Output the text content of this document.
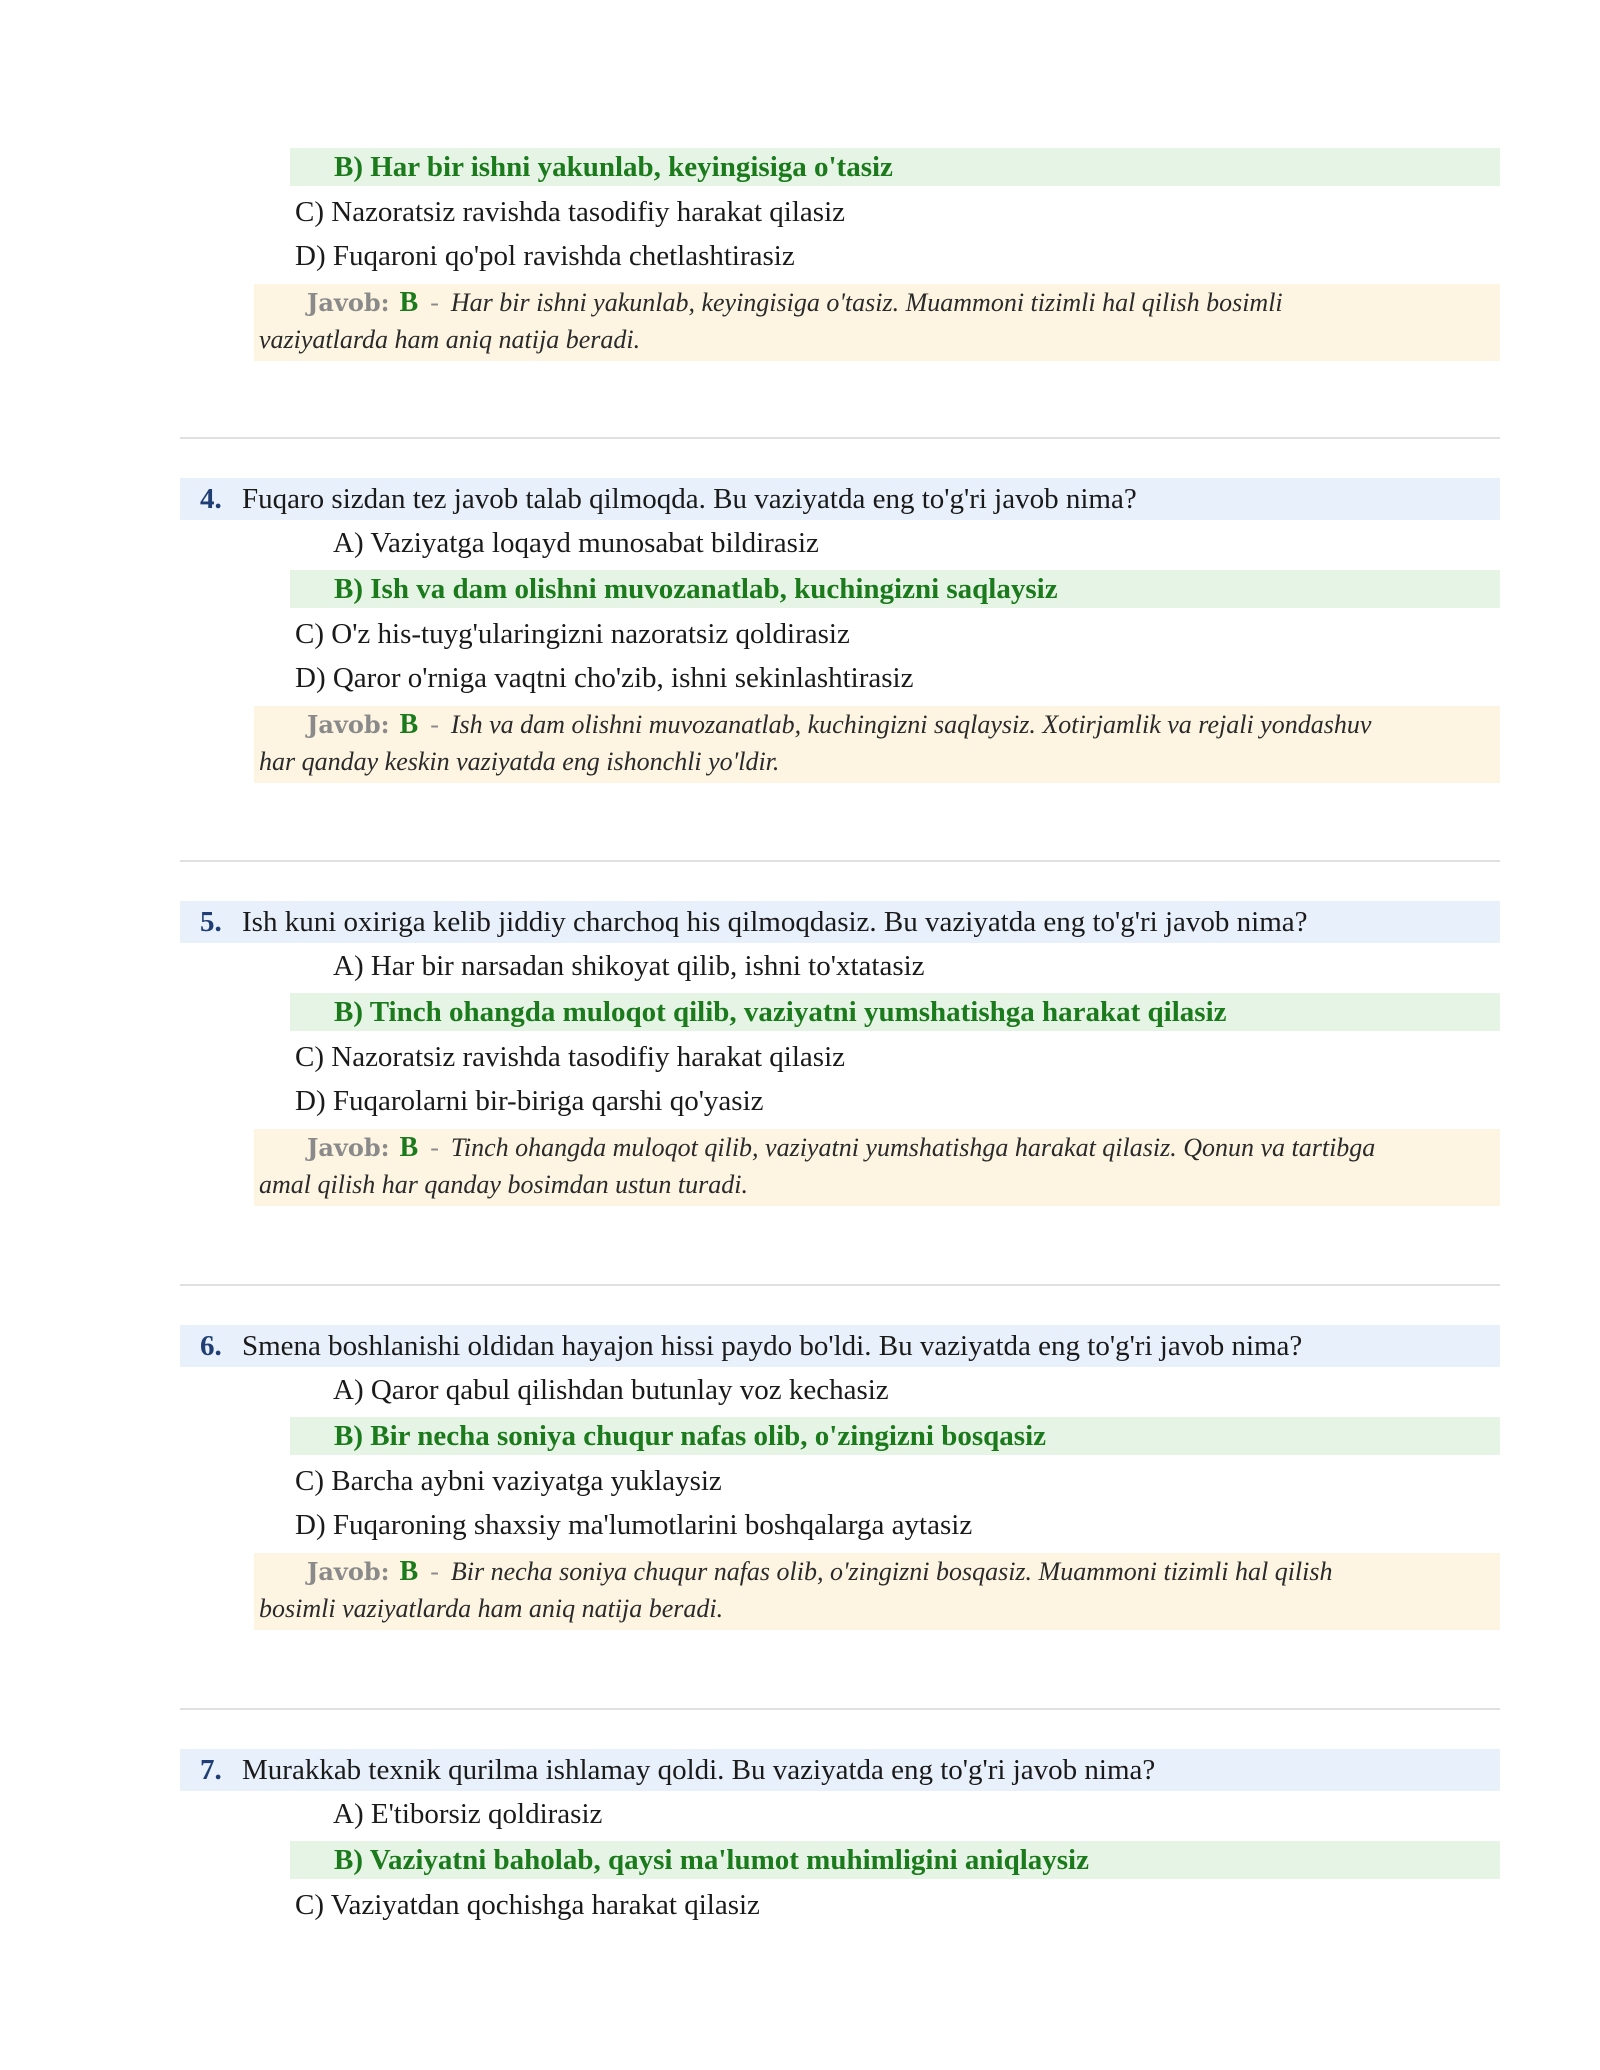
B) Har bir ishni yakunlab, keyingisiga o'tasiz
C) Nazoratsiz ravishda tasodifiy harakat qilasiz
D) Fuqaroni qo'pol ravishda chetlashtirasiz
Javob: B - Har bir ishni yakunlab, keyingisiga o'tasiz. Muammoni tizimli hal qilish bosimli
vaziyatlarda ham aniq natija beradi.
4. Fuqaro sizdan tez javob talab qilmoqda. Bu vaziyatda eng to'g'ri javob nima?
A) Vaziyatga loqayd munosabat bildirasiz
B) Ish va dam olishni muvozanatlab, kuchingizni saqlaysiz
C) O'z his-tuyg'ularingizni nazoratsiz qoldirasiz
D) Qaror o'rniga vaqtni cho'zib, ishni sekinlashtirasiz
Javob: B - Ish va dam olishni muvozanatlab, kuchingizni saqlaysiz. Xotirjamlik va rejali yondashuv
har qanday keskin vaziyatda eng ishonchli yo'ldir.
5. Ish kuni oxiriga kelib jiddiy charchoq his qilmoqdasiz. Bu vaziyatda eng to'g'ri javob nima?
A) Har bir narsadan shikoyat qilib, ishni to'xtatasiz
B) Tinch ohangda muloqot qilib, vaziyatni yumshatishga harakat qilasiz
C) Nazoratsiz ravishda tasodifiy harakat qilasiz
D) Fuqarolarni bir-biriga qarshi qo'yasiz
Javob: B - Tinch ohangda muloqot qilib, vaziyatni yumshatishga harakat qilasiz. Qonun va tartibga
amal qilish har qanday bosimdan ustun turadi.
6. Smena boshlanishi oldidan hayajon hissi paydo bo'ldi. Bu vaziyatda eng to'g'ri javob nima?
A) Qaror qabul qilishdan butunlay voz kechasiz
B) Bir necha soniya chuqur nafas olib, o'zingizni bosqasiz
C) Barcha aybni vaziyatga yuklaysiz
D) Fuqaroning shaxsiy ma'lumotlarini boshqalarga aytasiz
Javob: B - Bir necha soniya chuqur nafas olib, o'zingizni bosqasiz. Muammoni tizimli hal qilish
bosimli vaziyatlarda ham aniq natija beradi.
7. Murakkab texnik qurilma ishlamay qoldi. Bu vaziyatda eng to'g'ri javob nima?
A) E'tiborsiz qoldirasiz
B) Vaziyatni baholab, qaysi ma'lumot muhimligini aniqlaysiz
C) Vaziyatdan qochishga harakat qilasiz
